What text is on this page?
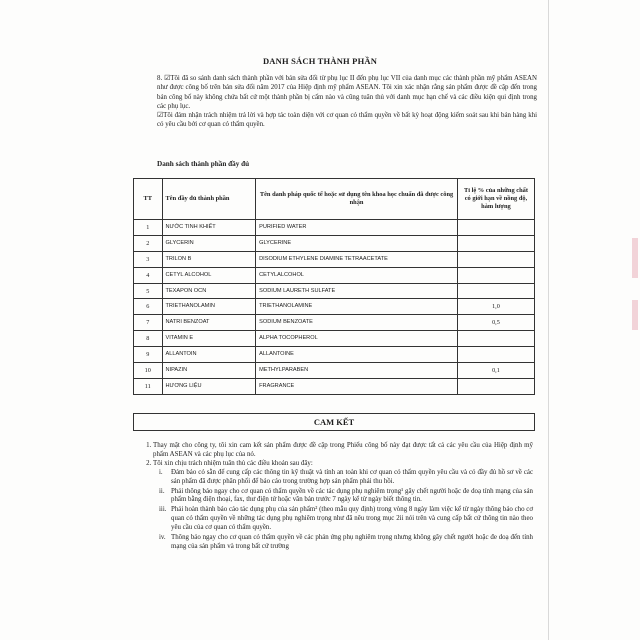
DANH SÁCH THÀNH PHẦN

8. ☑Tôi đã so sánh danh sách thành phần với bản sửa đổi từ phụ lục II đến phụ lục VII của danh mục các thành phần mỹ phẩm ASEAN như được công bố trên bản sửa đổi năm 2017 của Hiệp định mỹ phẩm ASEAN. Tôi xin xác nhận rằng sản phẩm được đề cập đến trong bản công bố này không chứa bất cứ một thành phần bị cấm nào và cũng tuân thủ với danh mục hạn chế và các điều kiện qui định trong các phụ lục.

☑Tôi đảm nhận trách nhiệm trả lời và hợp tác toàn diện với cơ quan có thẩm quyền về bất kỳ hoạt động kiểm soát sau khi bán hàng khi có yêu cầu bởi cơ quan có thẩm quyền.

Danh sách thành phần đầy đủ
TT	Tên đầy đủ thành phần	Tên danh pháp quốc tế hoặc sử dụng tên khoa học chuẩn đã được công nhận	Tỉ lệ % của những chất có giới hạn về nồng độ, hàm lượng
1	NƯỚC TINH KHIẾT	PURIFIED WATER	
2	GLYCERIN	GLYCERINE	
3	TRILON B	DISODIUM ETHYLENE DIAMINE TETRAACETATE	
4	CETYL ALCOHOL	CETYLALCOHOL	
5	TEXAPON OCN	SODIUM LAURETH SULFATE	
6	TRIETHANOLAMIN	TRIETHANOLAMINE	1,0
7	NATRI BENZOAT	SODIUM BENZOATE	0,5
8	VITAMIN E	ALPHA TOCOPHEROL	
9	ALLANTOIN	ALLANTOINE	
10	NIPAZIN	METHYLPARABEN	0,1
11	HƯƠNG LIỆU	FRAGRANCE	
CAM KẾT
1. Thay mặt cho công ty, tôi xin cam kết sản phẩm được đề cập trong Phiếu công bố này đạt được tất cả các yêu cầu của Hiệp định mỹ phẩm ASEAN và các phụ lục của nó.
2. Tôi xin chịu trách nhiệm tuân thủ các điều khoản sau đây:
i.	Đảm bảo có sẵn để cung cấp các thông tin kỹ thuật và tính an toàn khi cơ quan có thẩm quyền yêu cầu và có đầy đủ hồ sơ về các sản phẩm đã được phân phối để báo cáo trong trường hợp sản phẩm phải thu hồi.
ii. Phải thông báo ngay cho cơ quan có thẩm quyền về các tác dụng phụ nghiêm trọng¹ gây chết người hoặc đe doạ tính mạng của sản phẩm bằng điện thoại, fax, thư điện tử hoặc văn bản trước 7 ngày kể từ ngày biết thông tin.
iii. Phải hoàn thành báo cáo tác dụng phụ của sản phẩm² (theo mẫu quy định) trong vòng 8 ngày làm việc kể từ ngày thông báo cho cơ quan có thẩm quyền về những tác dụng phụ nghiêm trọng như đã nêu trong mục 2ii nói trên và cung cấp bất cứ thông tin nào theo yêu cầu của cơ quan có thẩm quyền.
iv. Thông báo ngay cho cơ quan có thẩm quyền về các phản ứng phụ nghiêm trọng nhưng không gây chết người hoặc đe doạ đến tính mạng của sản phẩm và trong bất cứ trường
